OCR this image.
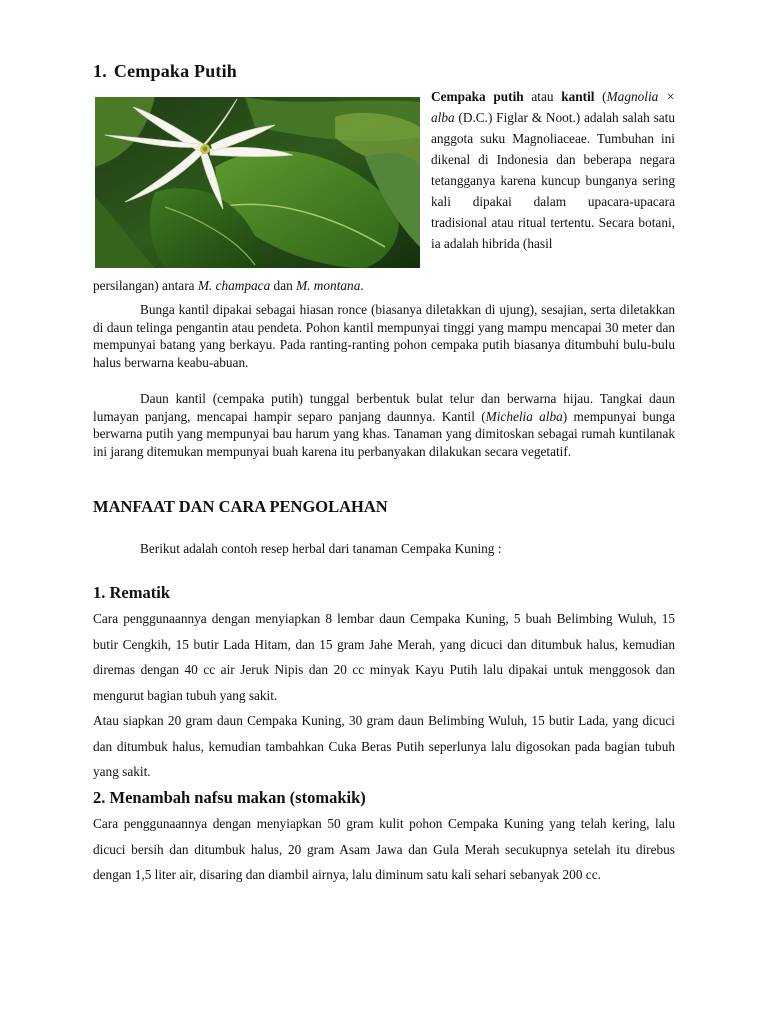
1. Cempaka Putih
Cempaka putih atau kantil (Magnolia × alba (D.C.) Figlar & Noot.) adalah salah satu anggota suku Magnoliaceae. Tumbuhan ini dikenal di Indonesia dan beberapa negara tetangganya karena kuncup bunganya sering kali dipakai dalam upacara-upacara tradisional atau ritual tertentu. Secara botani, ia adalah hibrida (hasil
persilangan) antara M. champaca dan M. montana.
Bunga kantil dipakai sebagai hiasan ronce (biasanya diletakkan di ujung), sesajian, serta diletakkan di daun telinga pengantin atau pendeta. Pohon kantil mempunyai tinggi yang mampu mencapai 30 meter dan mempunyai batang yang berkayu. Pada ranting-ranting pohon cempaka putih biasanya ditumbuhi bulu-bulu halus berwarna keabu-abuan.
Daun kantil (cempaka putih) tunggal berbentuk bulat telur dan berwarna hijau. Tangkai daun lumayan panjang, mencapai hampir separo panjang daunnya. Kantil (Michelia alba) mempunyai bunga berwarna putih yang mempunyai bau harum yang khas. Tanaman yang dimitoskan sebagai rumah kuntilanak ini jarang ditemukan mempunyai buah karena itu perbanyakan dilakukan secara vegetatif.
MANFAAT DAN CARA PENGOLAHAN
Berikut adalah contoh resep herbal dari tanaman Cempaka Kuning :
1. Rematik
Cara penggunaannya dengan menyiapkan 8 lembar daun Cempaka Kuning, 5 buah Belimbing Wuluh, 15 butir Cengkih, 15 butir Lada Hitam, dan 15 gram Jahe Merah, yang dicuci dan ditumbuk halus, kemudian diremas dengan 40 cc air Jeruk Nipis dan 20 cc minyak Kayu Putih lalu dipakai untuk menggosok dan mengurut bagian tubuh yang sakit.
Atau siapkan 20 gram daun Cempaka Kuning, 30 gram daun Belimbing Wuluh, 15 butir Lada, yang dicuci dan ditumbuk halus, kemudian tambahkan Cuka Beras Putih seperlunya lalu digosokan pada bagian tubuh yang sakit.
2. Menambah nafsu makan (stomakik)
Cara penggunaannya dengan menyiapkan 50 gram kulit pohon Cempaka Kuning yang telah kering, lalu dicuci bersih dan ditumbuk halus, 20 gram Asam Jawa dan Gula Merah secukupnya setelah itu direbus dengan 1,5 liter air, disaring dan diambil airnya, lalu diminum satu kali sehari sebanyak 200 cc.
